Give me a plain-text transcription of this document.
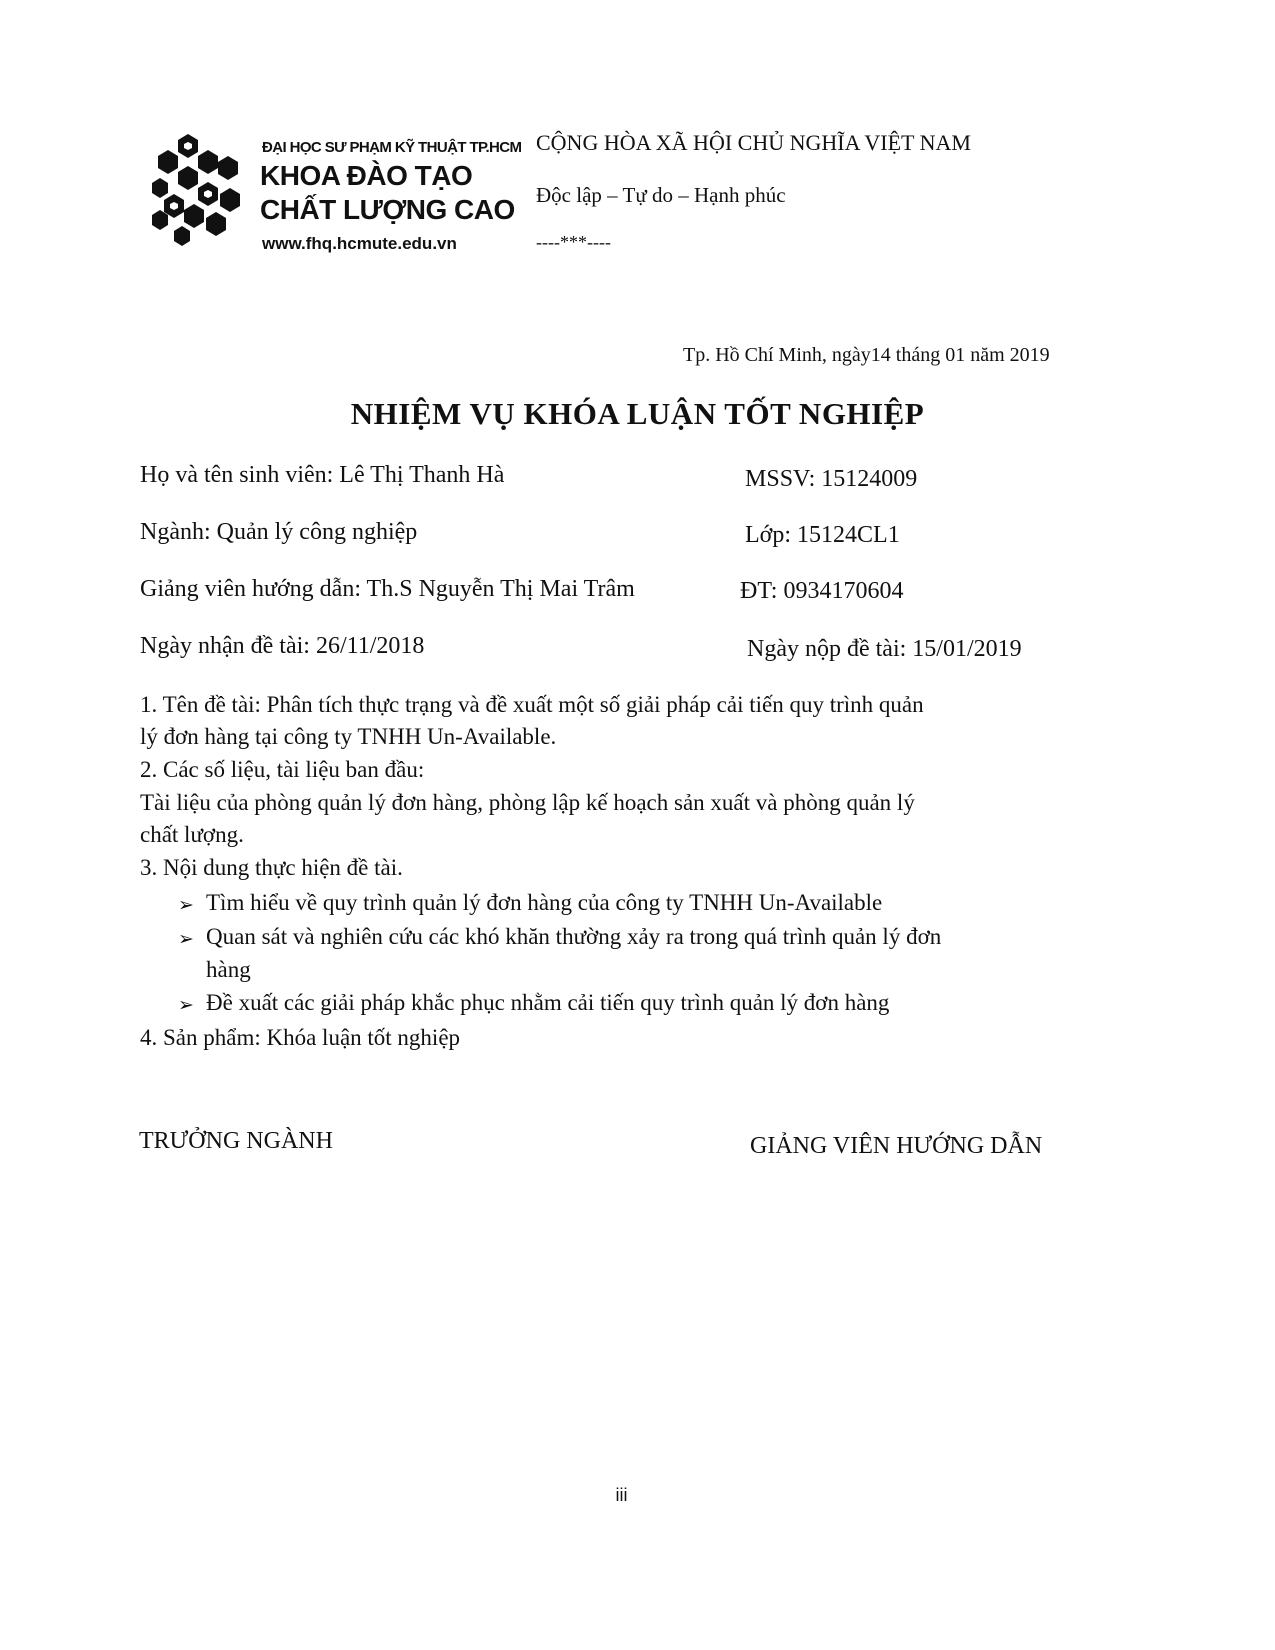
ĐẠI HỌC SƯ PHẠM KỸ THUẬT TP.HCM
KHOA ĐÀO TẠO
CHẤT LƯỢNG CAO
www.fhq.hcmute.edu.vn
CỘNG HÒA XÃ HỘI CHỦ NGHĨA VIỆT NAM
Độc lập – Tự do – Hạnh phúc
----***----
Tp. Hồ Chí Minh, ngày14 tháng 01 năm 2019
NHIỆM VỤ KHÓA LUẬN TỐT NGHIỆP
Họ và tên sinh viên: Lê Thị Thanh Hà	MSSV: 15124009
Ngành: Quản lý công nghiệp	Lớp: 15124CL1
Giảng viên hướng dẫn: Th.S Nguyễn Thị Mai Trâm	ĐT: 0934170604
Ngày nhận đề tài: 26/11/2018	Ngày nộp đề tài: 15/01/2019
1. Tên đề tài: Phân tích thực trạng và đề xuất một số giải pháp cải tiến quy trình quản
lý đơn hàng tại công ty TNHH Un-Available.
2. Các số liệu, tài liệu ban đầu:
Tài liệu của phòng quản lý đơn hàng, phòng lập kế hoạch sản xuất và phòng quản lý
chất lượng.
3. Nội dung thực hiện đề tài.
➢ Tìm hiểu về quy trình quản lý đơn hàng của công ty TNHH Un-Available
➢ Quan sát và nghiên cứu các khó khăn thường xảy ra trong quá trình quản lý đơn
hàng
➢ Đề xuất các giải pháp khắc phục nhằm cải tiến quy trình quản lý đơn hàng
4. Sản phẩm: Khóa luận tốt nghiệp
TRƯỞNG NGÀNH	GIẢNG VIÊN HƯỚNG DẪN
iii
